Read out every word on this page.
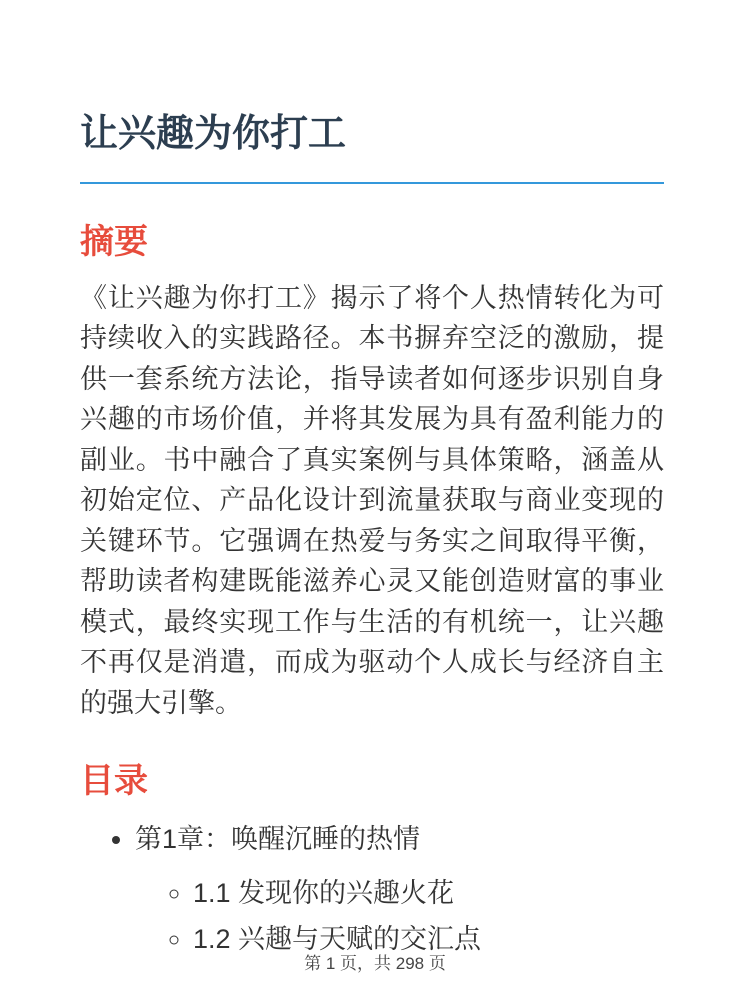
让兴趣为你打工
摘要

《让兴趣为你打工》揭示了将个人热情转化为可持续收入的实践路径。本书摒弃空泛的激励，提供一套系统方法论，指导读者如何逐步识别自身兴趣的市场价值，并将其发展为具有盈利能力的副业。书中融合了真实案例与具体策略，涵盖从初始定位、产品化设计到流量获取与商业变现的关键环节。它强调在热爱与务实之间取得平衡，帮助读者构建既能滋养心灵又能创造财富的事业模式，最终实现工作与生活的有机统一，让兴趣不再仅是消遣，而成为驱动个人成长与经济自主的强大引擎。

目录
• 第1章：唤醒沉睡的热情
◦ 1.1 发现你的兴趣火花
◦ 1.2 兴趣与天赋的交汇点
第 1 页，共 298 页
